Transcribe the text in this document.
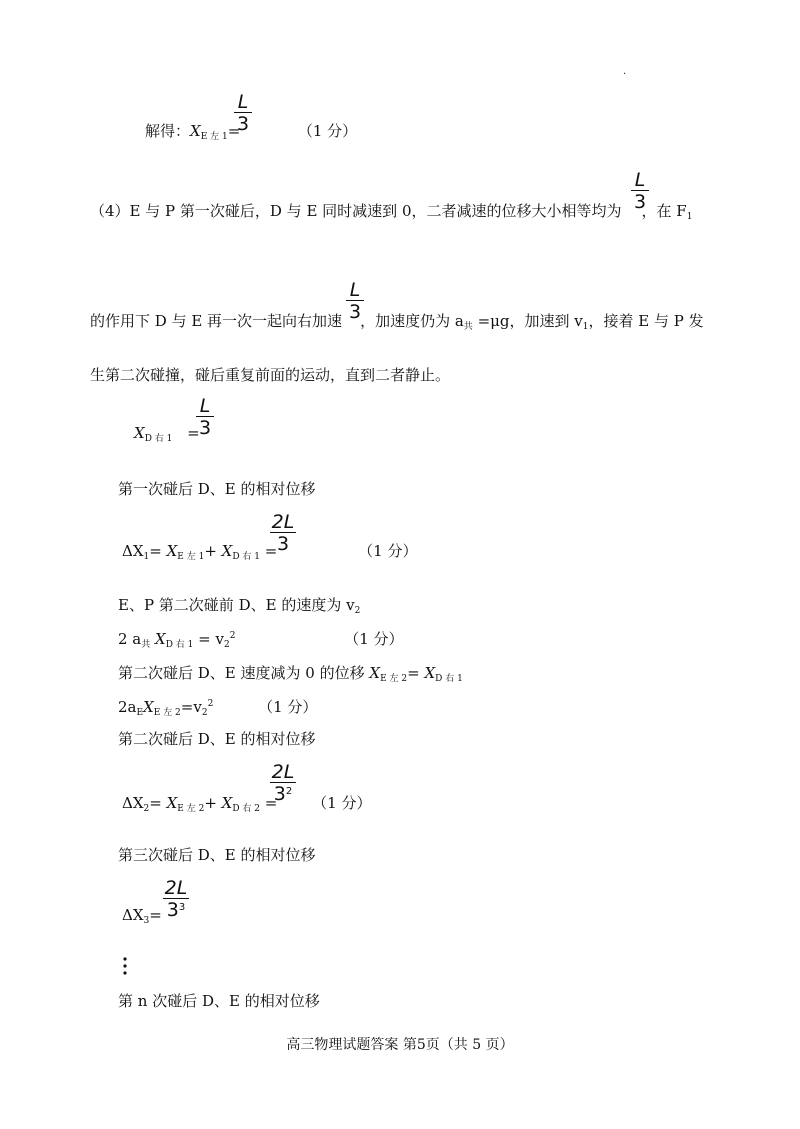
.
解得：$X_{E 左 1}=$	（1 分）
$\frac{L}{3}$
（4）E 与 P 第一次碰后，D 与 E 同时减速到 0，二者减速的位移大小相等均为 ，在 $F_1$
$\frac{L}{3}$
的作用下 D 与 E 再一次一起向右加速 ，加速度仍为 $a_共 =\mu g$，加速到 $v_1$，接着 E 与 P 发
$\frac{L}{3}$
生第二次碰撞，碰后重复前面的运动，直到二者静止。
$X_{D 右 1}$ =
$\frac{L}{3}$
第一次碰后 D、E 的相对位移
$\Delta X_1= X_{E 左 1}+ X_{D 右 1}$ =	（1 分）
$\frac{2L}{3}$
E、P 第二次碰前 D、E 的速度为 $v_2$
2 $a_共$ $X_{D 右 1} = v_2^2$	（1 分）
第二次碰后 D、E 速度减为 0 的位移 $X_{E 左 2}= X_{D 右 1}$
$2a_EX_{E 左 2}=v_2^2$	（1 分）
第二次碰后 D、E 的相对位移
$\Delta X_2= X_{E 左 2}+ X_{D 右 2} = (1$ 分）
$\frac{2L}{3^2}$
第三次碰后 D、E 的相对位移
$\Delta X_3= \frac{2L}{3^3}$
第 n 次碰后 D、E 的相对位移
高三物理试题答案 第5页（共 5 页）
